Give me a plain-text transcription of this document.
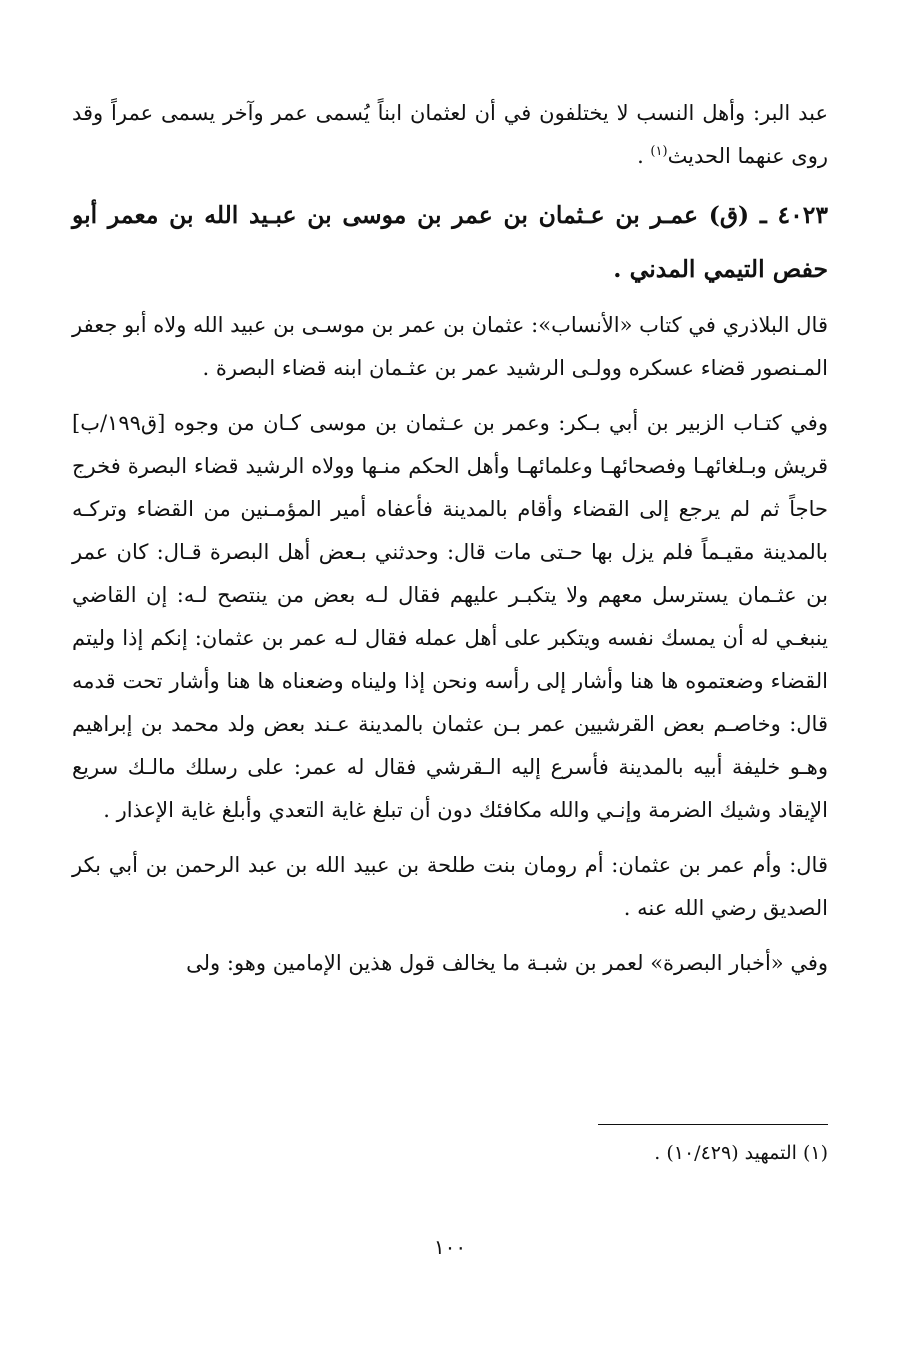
عبد البر: وأهل النسب لا يختلفون في أن لعثمان ابناً يُسمى عمر وآخر يسمى عمراً وقد روى عنهما الحديث$^{(١)}$ .

٤٠٢٣ ـ (ق) عمـر بن عـثمان بن عمر بن موسى بن عبـيد الله بن معمر أبو حفص التيمي المدني .

قال البلاذري في كتاب «الأنساب»: عثمان بن عمر بن موسـى بن عبيد الله ولاه أبو جعفر المـنصور قضاء عسكره وولـى الرشيد عمر بن عثـمان ابنه قضاء البصرة .

وفي كتـاب الزبير بن أبي بـكر: وعمر بن عـثمان بن موسى كـان من وجوه [ق١٩٩/ب] قريش وبـلغائهـا وفصحائهـا وعلمائهـا وأهل الحكم منـها وولاه الرشيد قضاء البصرة فخرج حاجاً ثم لم يرجع إلى القضاء وأقام بالمدينة فأعفاه أمير المؤمـنين من القضاء وتركـه بالمدينة مقيـماً فلم يزل بها حـتى مات قال: وحدثني بـعض أهل البصرة قـال: كان عمر بن عثـمان يسترسل معهم ولا يتكبـر عليهم فقال لـه بعض من ينتصح لـه: إن القاضي ينبغـي له أن يمسك نفسه ويتكبر على أهل عمله فقال لـه عمر بن عثمان: إنكم إذا وليتم القضاء وضعتموه ها هنا وأشار إلى رأسه ونحن إذا وليناه وضعناه ها هنا وأشار تحت قدمه قال: وخاصـم بعض القرشيين عمر بـن عثمان بالمدينة عـند بعض ولد محمد بن إبراهيم وهـو خليفة أبيه بالمدينة فأسرع إليه الـقرشي فقال له عمر: على رسلك مالـك سريع الإيقاد وشيك الضرمة وإنـي والله مكافئك دون أن تبلغ غاية التعدي وأبلغ غاية الإعذار .

قال: وأم عمر بن عثمان: أم رومان بنت طلحة بن عبيد الله بن عبد الرحمن بن أبي بكر الصديق رضي الله عنه .

وفي «أخبار البصرة» لعمر بن شبـة ما يخالف قول هذين الإمامين وهو: ولى

(١) التمهيد (١٠/٤٢٩) .
١٠٠
